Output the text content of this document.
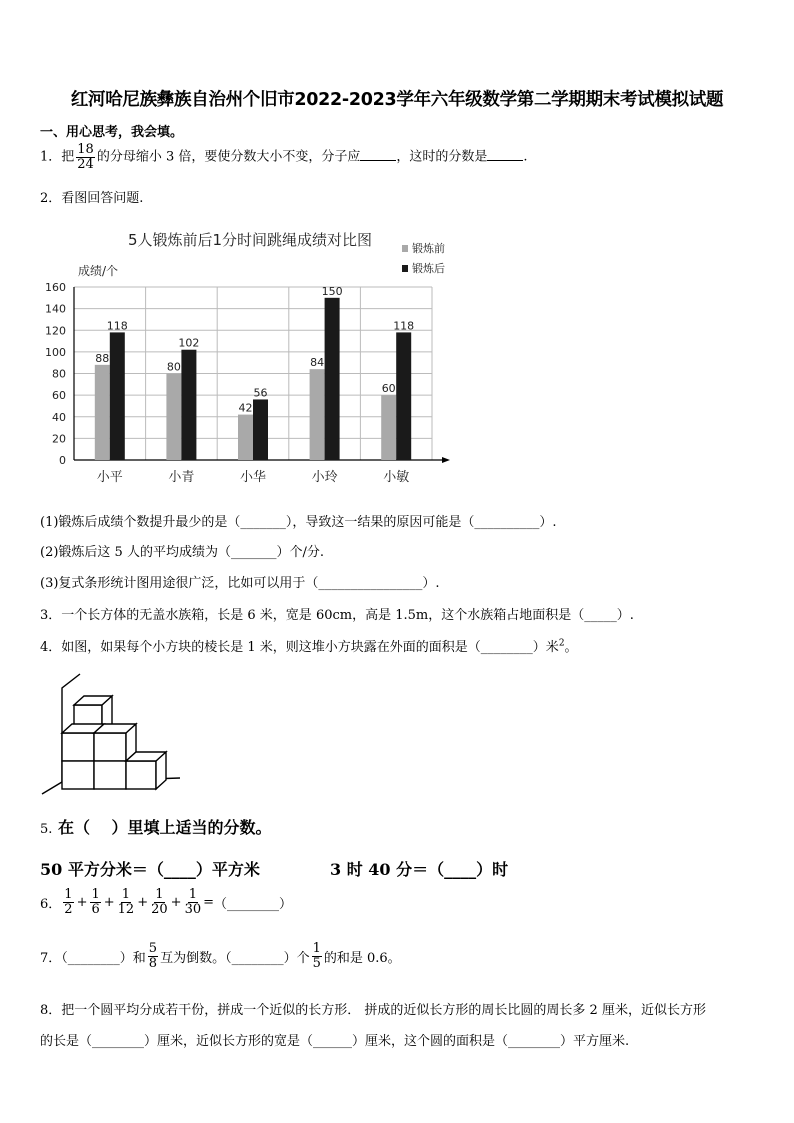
红河哈尼族彝族自治州个旧市2022-2023学年六年级数学第二学期期末考试模拟试题
一、用心思考，我会填。
1．把 $\frac{18}{24}$ 的分母缩小 3 倍，要使分数大小不变，分子应	，这时的分数是	.
2．看图回答问题.
5人锻炼前后1分时间跳绳成绩对比图
成绩/个
锻炼前
锻炼后
0
20
40
60
80
100
120
140
160
88
118
小平
80
102
小青
42
56
小华
84
150
小玲
60
118
小敏
(1)锻炼后成绩个数提升最少的是（_______），导致这一结果的原因可能是（__________）.
(2)锻炼后这 5 人的平均成绩为（_______）个/分.
(3)复式条形统计图用途很广泛，比如可以用于（________________）.
3．一个长方体的无盖水族箱，长是 6 米，宽是 60cm，高是 1.5m，这个水族箱占地面积是（_____）.
4．如图，如果每个小方块的棱长是 1 米，则这堆小方块露在外面的面积是（________）米$^2$。
5. 在（　 ）里填上适当的分数。
50 平方分米＝（____）平方米	3 时 40 分＝（____）时
6． $\frac{1}{2} + \frac{1}{6} + \frac{1}{12} + \frac{1}{20} + \frac{1}{30}$ = （________）
7．（________）和 $\frac{5}{8}$ 互为倒数。（________）个 $\frac{1}{5}$ 的和是 0.6。
8．把一个圆平均分成若干份，拼成一个近似的长方形． 拼成的近似长方形的周长比圆的周长多 2 厘米，近似长方形
的长是（________）厘米，近似长方形的宽是（______）厘米，这个圆的面积是（________）平方厘米.
